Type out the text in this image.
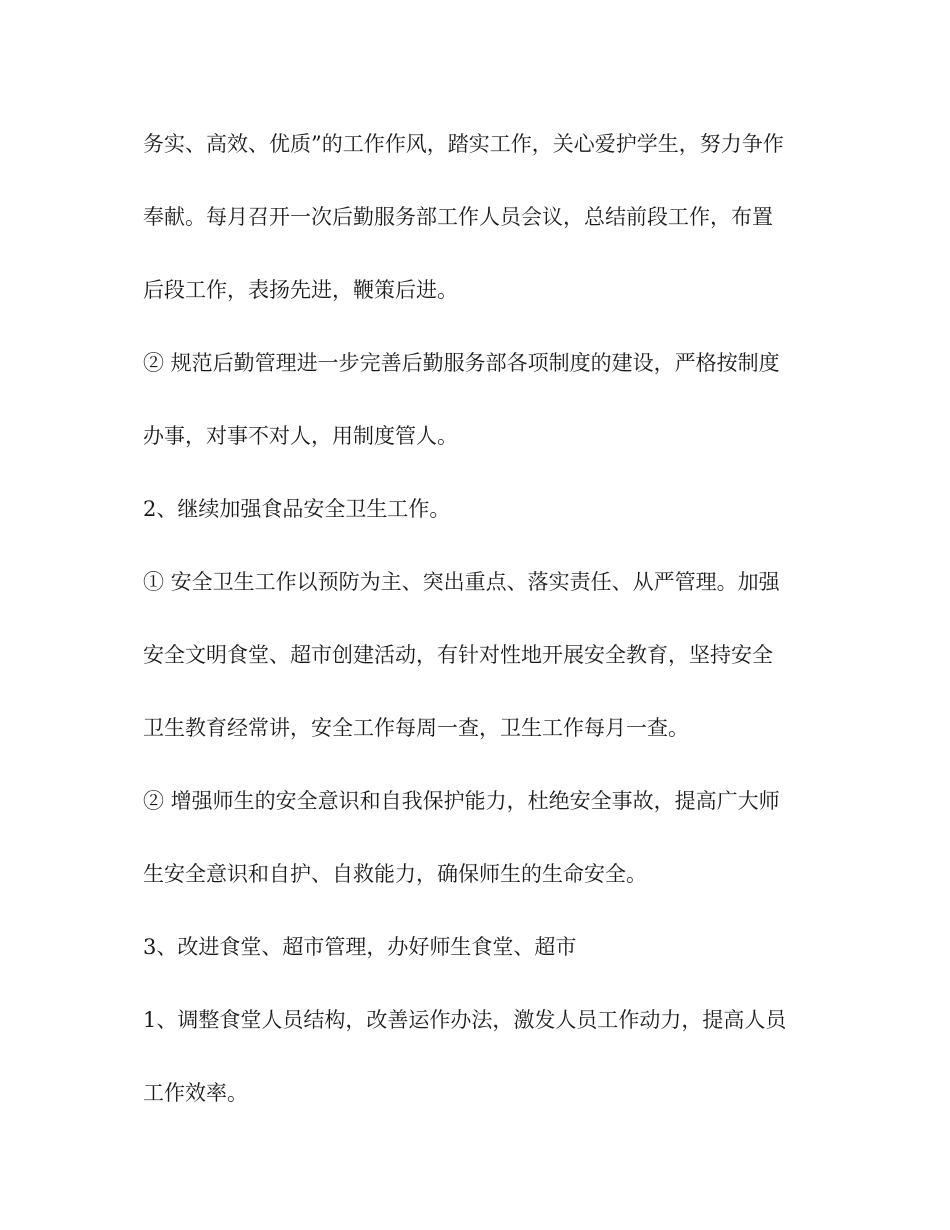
务实、高效、优质”的工作作风，踏实工作，关心爱护学生，努力争作
奉献。每月召开一次后勤服务部工作人员会议，总结前段工作，布置
后段工作，表扬先进，鞭策后进。
② 规范后勤管理进一步完善后勤服务部各项制度的建设，严格按制度
办事，对事不对人，用制度管人。
2、继续加强食品安全卫生工作。
① 安全卫生工作以预防为主、突出重点、落实责任、从严管理。加强
安全文明食堂、超市创建活动，有针对性地开展安全教育，坚持安全
卫生教育经常讲，安全工作每周一查，卫生工作每月一查。
② 增强师生的安全意识和自我保护能力，杜绝安全事故，提高广大师
生安全意识和自护、自救能力，确保师生的生命安全。
3、改进食堂、超市管理，办好师生食堂、超市
1、调整食堂人员结构，改善运作办法，激发人员工作动力，提高人员
工作效率。
